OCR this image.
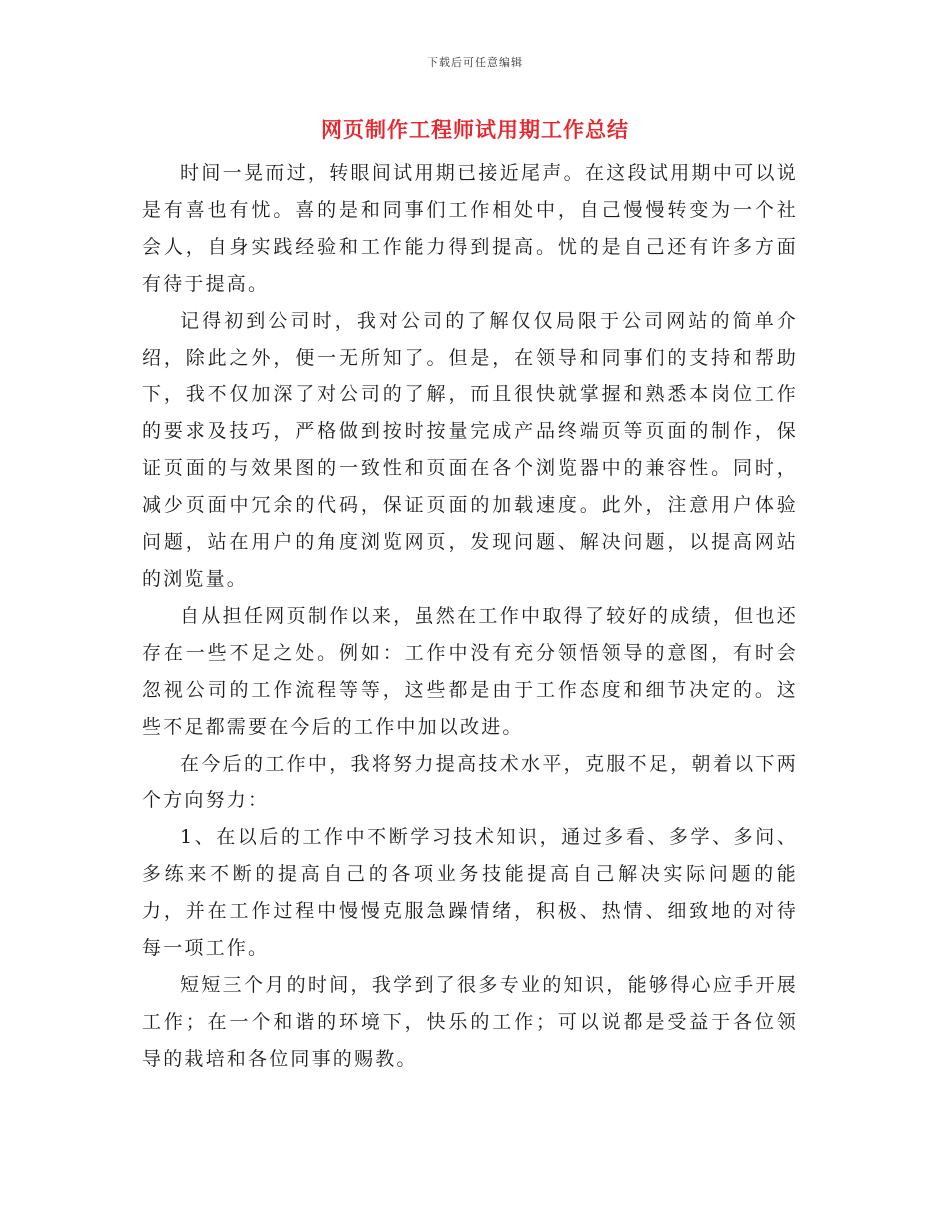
下载后可任意编辑
网页制作工程师试用期工作总结

时间一晃而过，转眼间试用期已接近尾声。在这段试用期中可以说是有喜也有忧。喜的是和同事们工作相处中，自己慢慢转变为一个社会人，自身实践经验和工作能力得到提高。忧的是自己还有许多方面有待于提高。

记得初到公司时，我对公司的了解仅仅局限于公司网站的简单介绍，除此之外，便一无所知了。但是，在领导和同事们的支持和帮助下，我不仅加深了对公司的了解，而且很快就掌握和熟悉本岗位工作的要求及技巧，严格做到按时按量完成产品终端页等页面的制作，保证页面的与效果图的一致性和页面在各个浏览器中的兼容性。同时，减少页面中冗余的代码，保证页面的加载速度。此外，注意用户体验问题，站在用户的角度浏览网页，发现问题、解决问题，以提高网站的浏览量。

自从担任网页制作以来，虽然在工作中取得了较好的成绩，但也还存在一些不足之处。例如：工作中没有充分领悟领导的意图，有时会忽视公司的工作流程等等，这些都是由于工作态度和细节决定的。这些不足都需要在今后的工作中加以改进。

在今后的工作中，我将努力提高技术水平，克服不足，朝着以下两个方向努力：

1、在以后的工作中不断学习技术知识，通过多看、多学、多问、多练来不断的提高自己的各项业务技能提高自己解决实际问题的能力，并在工作过程中慢慢克服急躁情绪，积极、热情、细致地的对待每一项工作。

短短三个月的时间，我学到了很多专业的知识，能够得心应手开展工作；在一个和谐的环境下，快乐的工作；可以说都是受益于各位领导的栽培和各位同事的赐教。
